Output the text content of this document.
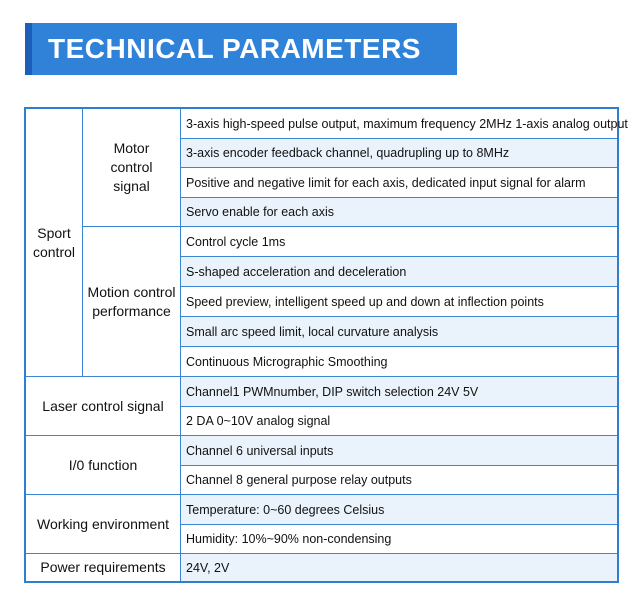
TECHNICAL PARAMETERS
Sport control
Motor control signal
Motion control performance
3-axis high-speed pulse output, maximum frequency 2MHz 1-axis analog output
3-axis encoder feedback channel, quadrupling up to 8MHz
Positive and negative limit for each axis, dedicated input signal for alarm
Servo enable for each axis
Control cycle 1ms
S-shaped acceleration and deceleration
Speed preview, intelligent speed up and down at inflection points
Small arc speed limit, local curvature analysis
Continuous Micrographic Smoothing
Laser control signal
Channel1 PWMnumber, DIP switch selection 24V 5V
2 DA 0~10V analog signal
I/0 function
Channel 6 universal inputs
Channel 8 general purpose relay outputs
Working environment
Temperature: 0~60 degrees Celsius
Humidity: 10%~90% non-condensing
Power requirements 24V, 2V
